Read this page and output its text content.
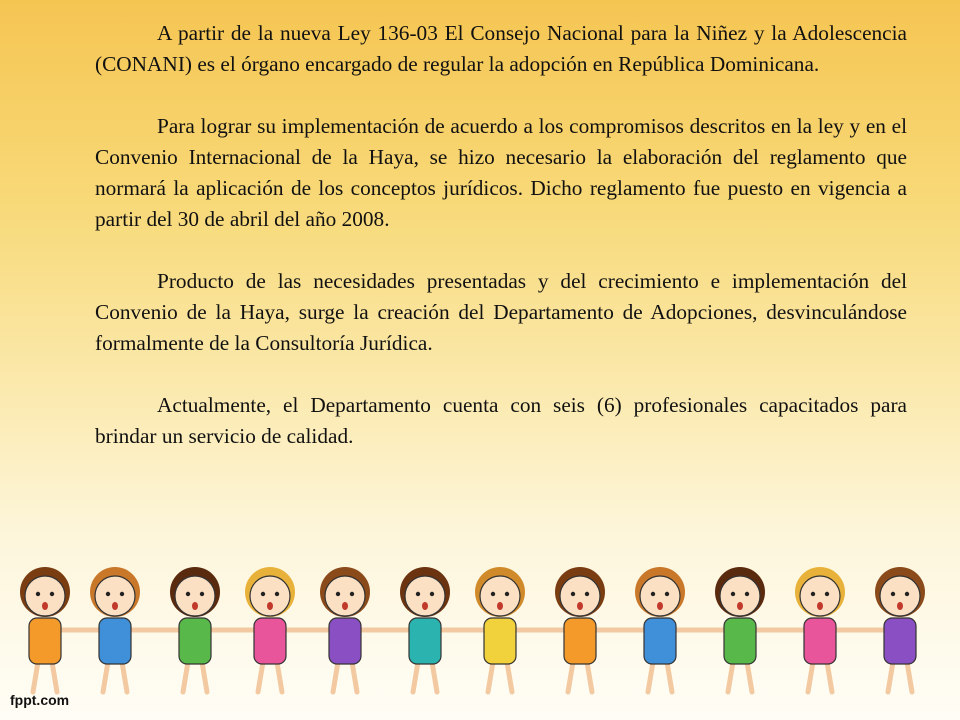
A partir de la nueva Ley 136-03 El Consejo Nacional para la Niñez y la Adolescencia (CONANI) es el órgano encargado de regular la adopción en República Dominicana.

Para lograr su implementación de acuerdo a los compromisos descritos en la ley y en el Convenio Internacional de la Haya, se hizo necesario la elaboración del reglamento que normará la aplicación de los conceptos jurídicos. Dicho reglamento fue puesto en vigencia a partir del 30 de abril del año 2008.

Producto de las necesidades presentadas y del crecimiento e implementación del Convenio de la Haya, surge la creación del Departamento de Adopciones, desvinculándose formalmente de la Consultoría Jurídica.

Actualmente, el Departamento cuenta con seis (6) profesionales capacitados para brindar un servicio de calidad.

fppt.com
